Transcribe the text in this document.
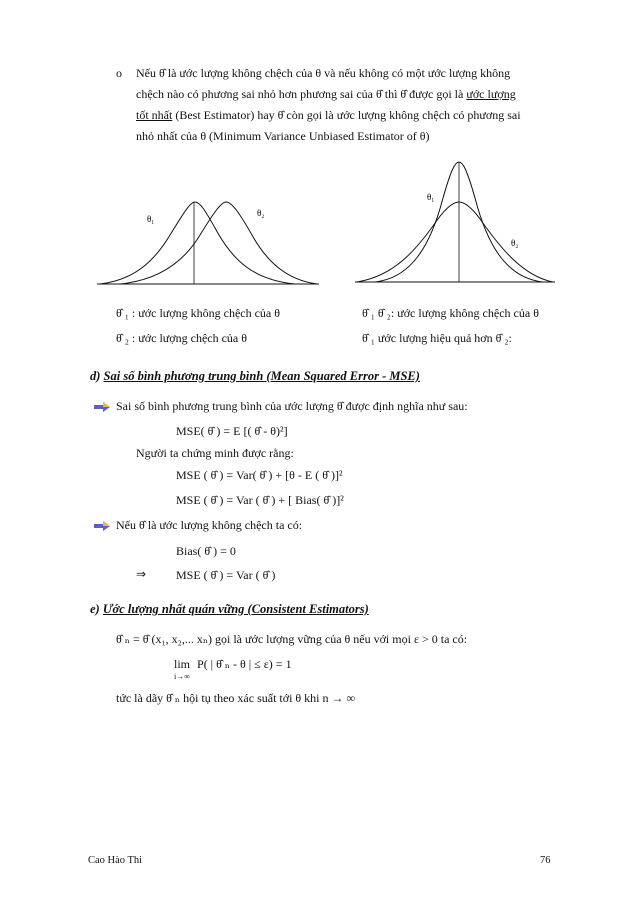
o Nếu θ̂ là ước lượng không chệch của θ và nếu không có một ước lượng không
chệch nào có phương sai nhỏ hơn phương sai của θ̂ thì θ̂ được gọi là ước lượng
tốt nhất (Best Estimator) hay θ̂ còn gọi là ước lượng không chệch có phương sai
nhỏ nhất của θ (Minimum Variance Unbiased Estimator of θ)
θ₁
θ₂
θ₁
θ₂
θ̂ ₁ : ước lượng không chệch của θ
θ̂ ₂ : ước lượng chệch của θ
θ̂ ₁ θ̂ ₂: ước lượng không chệch của θ
θ̂ ₁ ước lượng hiệu quả hơn θ̂ ₂:
d) Sai số bình phương trung bình (Mean Squared Error - MSE)
Sai số bình phương trung bình của ước lượng θ̂ được định nghĩa như sau:
MSE( θ̂ ) = E [( θ̂ - θ)²]
Người ta chứng minh được rằng:
MSE ( θ̂ ) = Var( θ̂ ) + [θ - E ( θ̂ )]²
MSE ( θ̂ ) = Var ( θ̂ ) + [ Bias( θ̂ )]²
Nếu θ̂ là ước lượng không chệch ta có:
Bias( θ̂ ) = 0
⇒ MSE ( θ̂ ) = Var ( θ̂ )
e) Ước lượng nhất quán vững (Consistent Estimators)
θ̂ ₙ = θ̂ (x₁, x₂,... xₙ) gọi là ước lượng vững của θ nếu với mọi ε > 0 ta có:
lim
i→∞
P( | θ̂ ₙ - θ | ≤ ε) = 1
tức là dãy θ̂ ₙ hội tụ theo xác suất tới θ khi n → ∞
Cao Hào Thi	76
